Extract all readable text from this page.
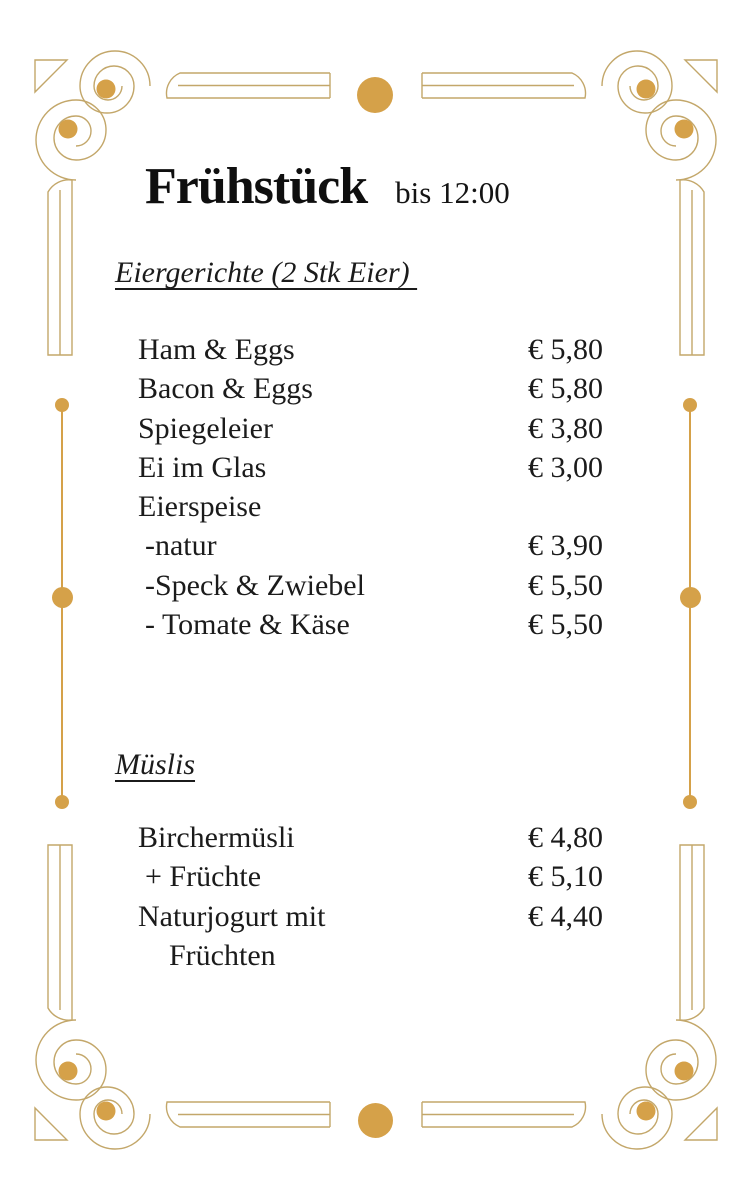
Frühstück bis 12:00
Eiergerichte (2 Stk Eier)
Ham & Eggs	€ 5,80
Bacon & Eggs	€ 5,80
Spiegeleier	€ 3,80
Ei im Glas	€ 3,00
Eierspeise
-natur	€ 3,90
-Speck & Zwiebel	€ 5,50
- Tomate & Käse	€ 5,50
Müslis
Birchermüsli	€ 4,80
+ Früchte	€ 5,10
Naturjogurt mit	€ 4,40
Früchten
